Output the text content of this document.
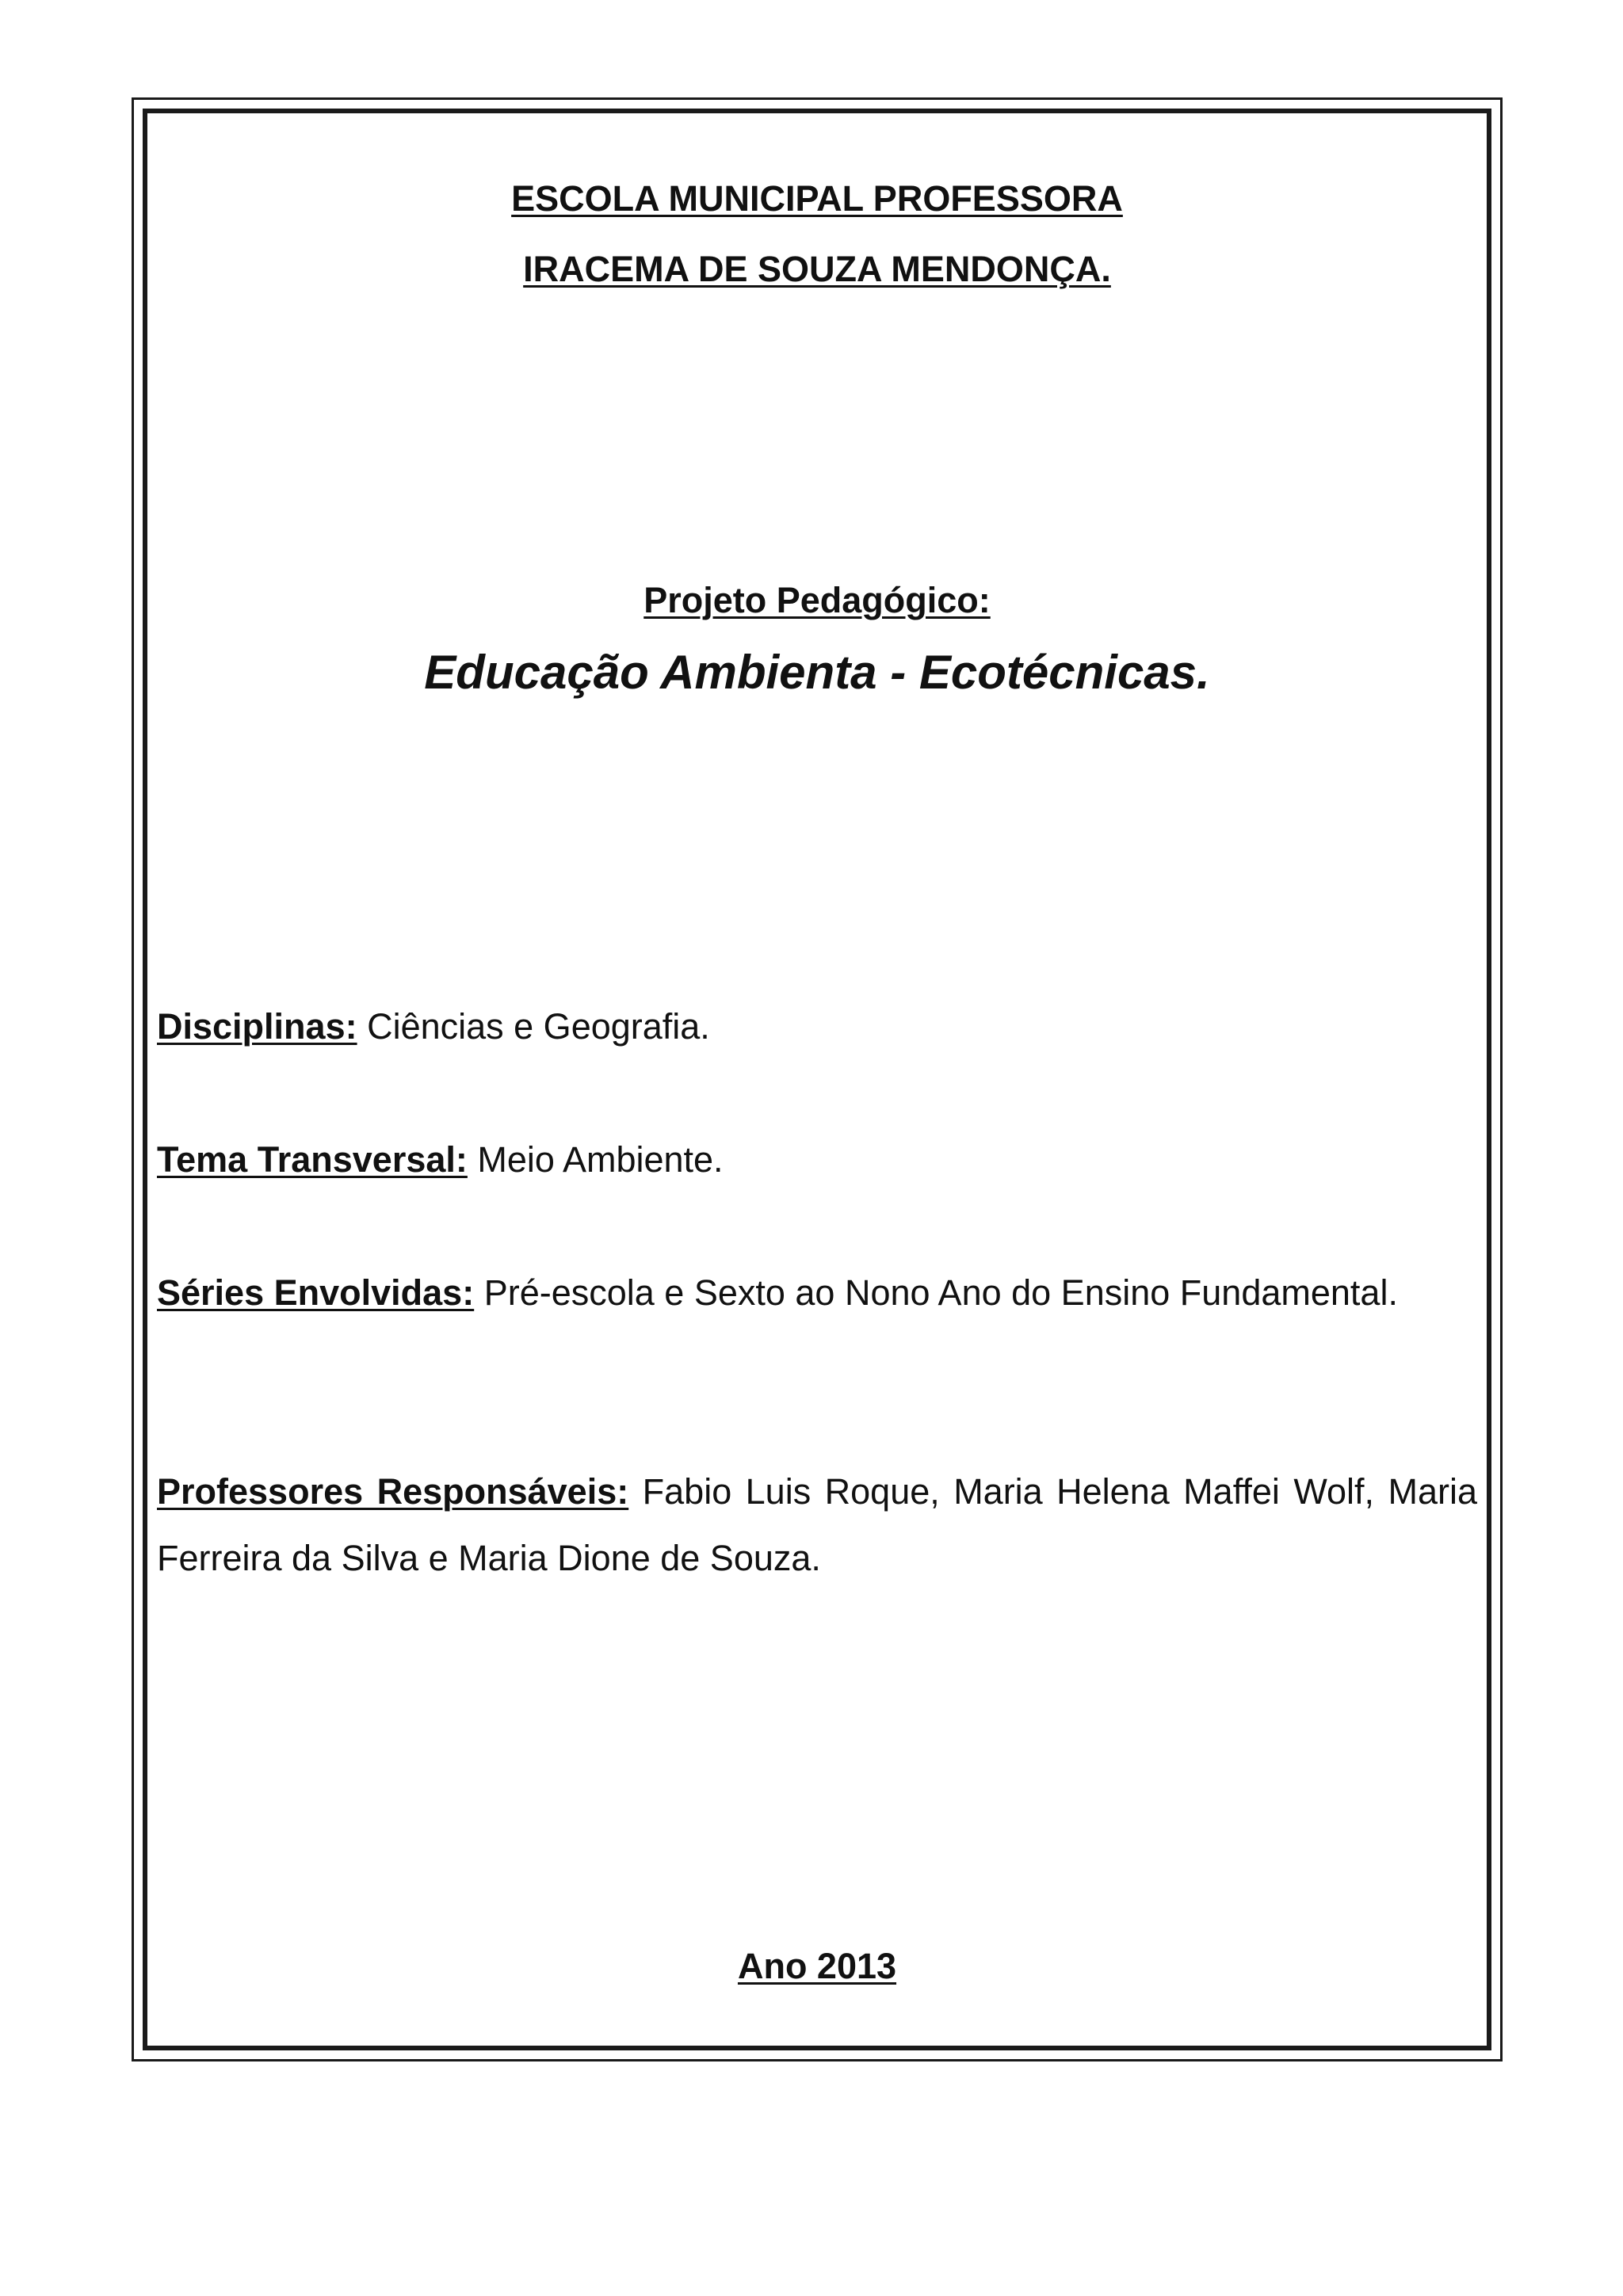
ESCOLA MUNICIPAL PROFESSORA
IRACEMA DE SOUZA MENDONÇA.
Projeto Pedagógico:
Educação Ambienta - Ecotécnicas.
Disciplinas: Ciências e Geografia.
Tema Transversal: Meio Ambiente.
Séries Envolvidas: Pré-escola e Sexto ao Nono Ano do Ensino Fundamental.
Professores Responsáveis: Fabio Luis Roque, Maria Helena Maffei Wolf, Maria Ferreira da Silva e Maria Dione de Souza.
Ano 2013
